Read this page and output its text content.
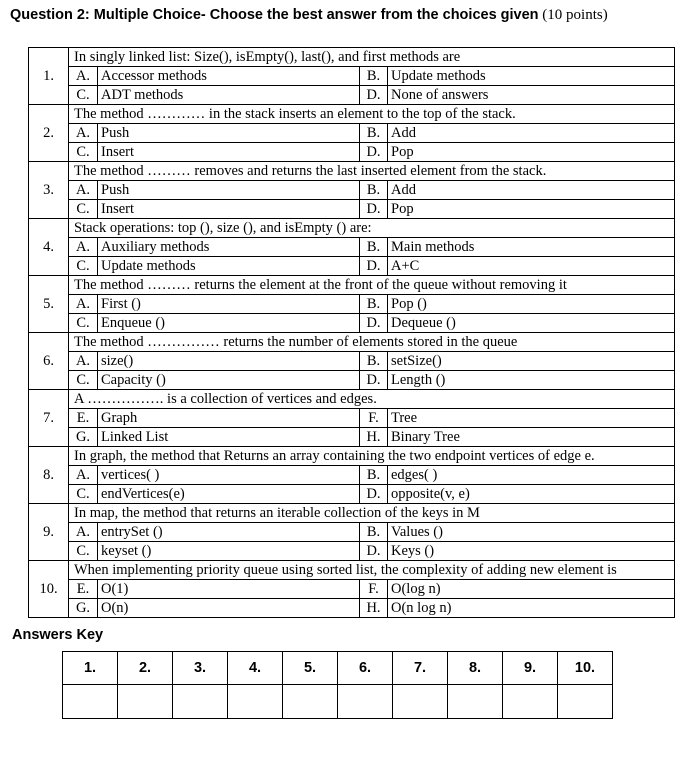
Question 2: Multiple Choice- Choose the best answer from the choices given (10 points)
1.	In singly linked list: Size(), isEmpty(), last(), and first methods are			
	A.	Accessor methods	B.	Update methods
	C.	ADT methods	D.	None of answers
2.	The method ………… in the stack inserts an element to the top of the stack.			
	A.	Push	B.	Add
	C.	Insert	D.	Pop
3.	The method ……… removes and returns the last inserted element from the stack.			
	A.	Push	B.	Add
	C.	Insert	D.	Pop
4.	Stack operations: top (), size (), and isEmpty () are:			
	A.	Auxiliary methods	B.	Main methods
	C.	Update methods	D.	A+C
5.	The method ……… returns the element at the front of the queue without removing it			
	A.	First ()	B.	Pop ()
	C.	Enqueue ()	D.	Dequeue ()
6.	The method …………… returns the number of elements stored in the queue			
	A.	size()	B.	setSize()
	C.	Capacity ()	D.	Length ()
7.	A ……………. is a collection of vertices and edges.			
	E.	Graph	F.	Tree
	G.	Linked List	H.	Binary Tree
8.	In graph, the method that Returns an array containing the two endpoint vertices of edge e.			
	A.	vertices( )	B.	edges( )
	C.	endVertices(e)	D.	opposite(v, e)
9.	In map, the method that returns an iterable collection of the keys in M			
	A.	entrySet ()	B.	Values ()
	C.	keyset ()	D.	Keys ()
10.	When implementing priority queue using sorted list, the complexity of adding new element is			
	E.	O(1)	F.	O(log n)
	G.	O(n)	H.	O(n log n)
Answers Key
1.	2.	3.	4.	5.	6.	7.	8.	9.	10.
